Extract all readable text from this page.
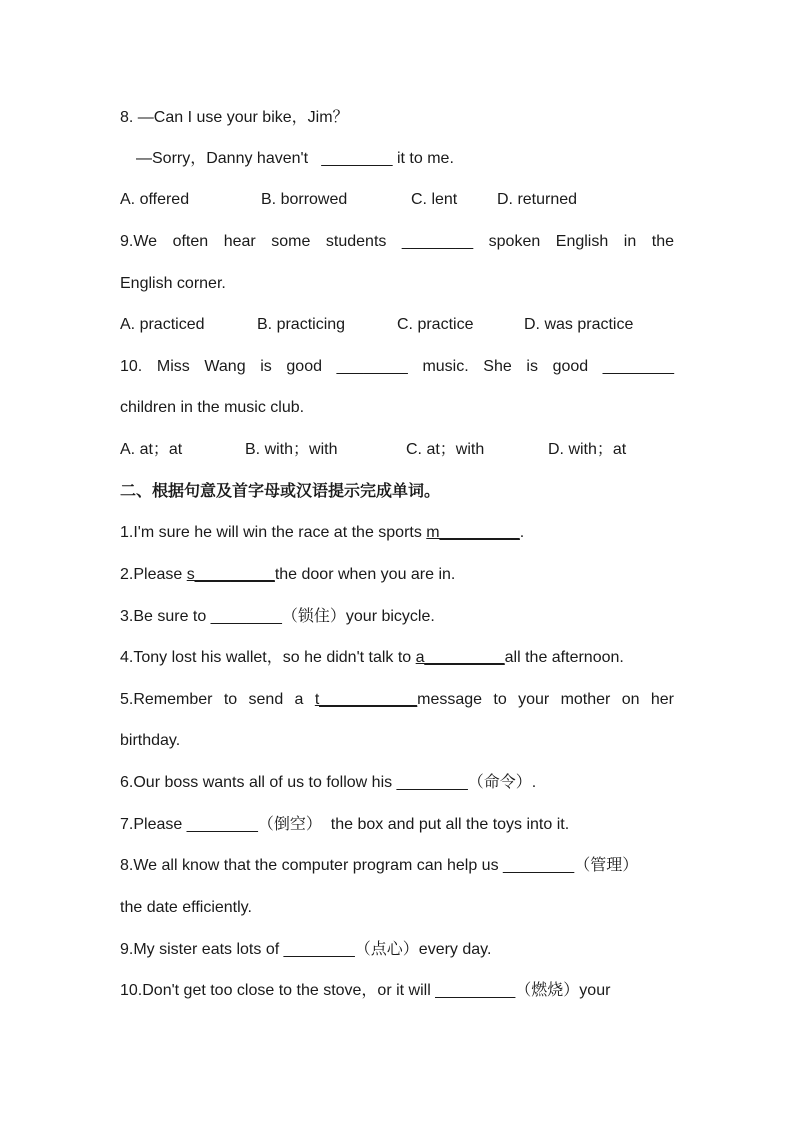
8. —Can I use your bike，Jim？
—Sorry，Danny haven't   ________ it to me.
A. offered	B. borrowed	C. lent D. returned
9.We often hear some students ________ spoken English in the
English corner.
A. practiced	B. practicing	C. practice	D. was practice
10. Miss Wang is good ________ music. She is good ________
children in the music club.
A. at；at	B. with；with	C. at；with	D. with；at
二、根据句意及首字母或汉语提示完成单词。
1.I'm sure he will win the race at the sports m_________.
2.Please s_________the door when you are in.
3.Be sure to ________（锁住）your bicycle.
4.Tony lost his wallet，so he didn't talk to a_________all the afternoon.
5.Remember to send a t___________message to your mother on her
birthday.
6.Our boss wants all of us to follow his ________（命令）.
7.Please ________（倒空）  the box and put all the toys into it.
8.We all know that the computer program can help us ________（管理）
the date efficiently.
9.My sister eats lots of ________（点心）every day.
10.Don't get too close to the stove，or it will _________（燃烧）your
